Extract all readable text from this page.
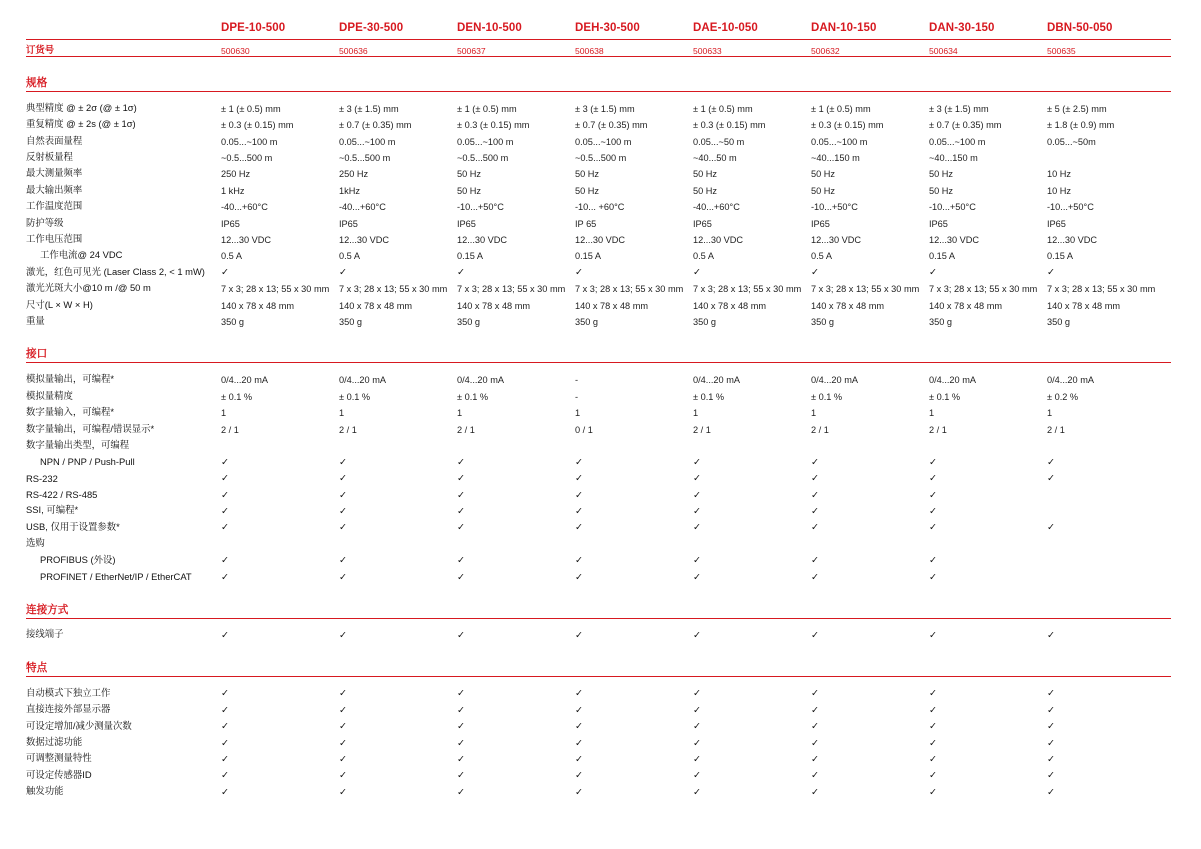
	DPE-10-500	DPE-30-500	DEN-10-500	DEH-30-500	DAE-10-050	DAN-10-150	DAN-30-150	DBN-50-050
订货号	500630	500636	500637	500638	500633	500632	500634	500635

规格								

典型精度 @ ± 2σ (@ ± 1σ)	± 1 (± 0.5) mm	± 3 (± 1.5) mm	± 1 (± 0.5) mm	± 3 (± 1.5) mm	± 1 (± 0.5) mm	± 1 (± 0.5) mm	± 3 (± 1.5) mm	± 5 (± 2.5) mm
重复精度 @ ± 2s (@ ± 1σ)	± 0.3 (± 0.15) mm	± 0.7 (± 0.35) mm	± 0.3 (± 0.15) mm	± 0.7 (± 0.35) mm	± 0.3 (± 0.15) mm	± 0.3 (± 0.15) mm	± 0.7 (± 0.35) mm	± 1.8 (± 0.9) mm
自然表面量程	0.05...~100 m	0.05...~100 m	0.05...~100 m	0.05...~100 m	0.05...~50 m	0.05...~100 m	0.05...~100 m	0.05...~50m
反射板量程	~0.5...500 m	~0.5...500 m	~0.5...500 m	~0.5...500 m	~40...50 m	~40...150 m	~40...150 m	
最大测量频率	250 Hz	250 Hz	50 Hz	50 Hz	50 Hz	50 Hz	50 Hz	10 Hz
最大输出频率	1 kHz	1kHz	50 Hz	50 Hz	50 Hz	50 Hz	50 Hz	10 Hz
工作温度范围	-40...+60°C	-40...+60°C	-10...+50°C	-10... +60°C	-40...+60°C	-10...+50°C	-10...+50°C	-10...+50°C
防护等级	IP65	IP65	IP65	IP 65	IP65	IP65	IP65	IP65
工作电压范围	12...30 VDC	12...30 VDC	12...30 VDC	12...30 VDC	12...30 VDC	12...30 VDC	12...30 VDC	12...30 VDC
工作电流@ 24 VDC	0.5 A	0.5 A	0.15 A	0.15 A	0.5 A	0.5 A	0.15 A	0.15 A
激光，红色可见光 (Laser Class 2, < 1 mW)	✓	✓	✓	✓	✓	✓	✓	✓
激光光斑大小@10 m /@ 50 m	7 x 3; 28 x 13; 55 x 30 mm	7 x 3; 28 x 13; 55 x 30 mm	7 x 3; 28 x 13; 55 x 30 mm	7 x 3; 28 x 13; 55 x 30 mm	7 x 3; 28 x 13; 55 x 30 mm	7 x 3; 28 x 13; 55 x 30 mm	7 x 3; 28 x 13; 55 x 30 mm	7 x 3; 28 x 13; 55 x 30 mm
尺寸(L × W × H)	140 x 78 x 48 mm	140 x 78 x 48 mm	140 x 78 x 48 mm	140 x 78 x 48 mm	140 x 78 x 48 mm	140 x 78 x 48 mm	140 x 78 x 48 mm	140 x 78 x 48 mm
重量	350 g	350 g	350 g	350 g	350 g	350 g	350 g	350 g

接口								

模拟量输出，可编程*	0/4...20 mA	0/4...20 mA	0/4...20 mA	-	0/4...20 mA	0/4...20 mA	0/4...20 mA	0/4...20 mA
模拟量精度	± 0.1 %	± 0.1 %	± 0.1 %	-	± 0.1 %	± 0.1 %	± 0.1 %	± 0.2 %
数字量输入，可编程*	1	1	1	1	1	1	1	1
数字量输出，可编程/错误显示*	2 / 1	2 / 1	2 / 1	0 / 1	2 / 1	2 / 1	2 / 1	2 / 1
数字量输出类型，可编程								
NPN / PNP / Push-Pull	✓	✓	✓	✓	✓	✓	✓	✓
RS-232	✓	✓	✓	✓	✓	✓	✓	✓
RS-422 / RS-485	✓	✓	✓	✓	✓	✓	✓	
SSI, 可编程*	✓	✓	✓	✓	✓	✓	✓	
USB, 仅用于设置参数*	✓	✓	✓	✓	✓	✓	✓	✓
选购								
PROFIBUS (外设)	✓	✓	✓	✓	✓	✓	✓	
PROFINET / EtherNet/IP / EtherCAT	✓	✓	✓	✓	✓	✓	✓	

连接方式								

接线端子	✓	✓	✓	✓	✓	✓	✓	✓

特点								

自动模式下独立工作	✓	✓	✓	✓	✓	✓	✓	✓
直接连接外部显示器	✓	✓	✓	✓	✓	✓	✓	✓
可设定增加/减少测量次数	✓	✓	✓	✓	✓	✓	✓	✓
数据过滤功能	✓	✓	✓	✓	✓	✓	✓	✓
可调整测量特性	✓	✓	✓	✓	✓	✓	✓	✓
可设定传感器ID	✓	✓	✓	✓	✓	✓	✓	✓
触发功能	✓	✓	✓	✓	✓	✓	✓	✓
